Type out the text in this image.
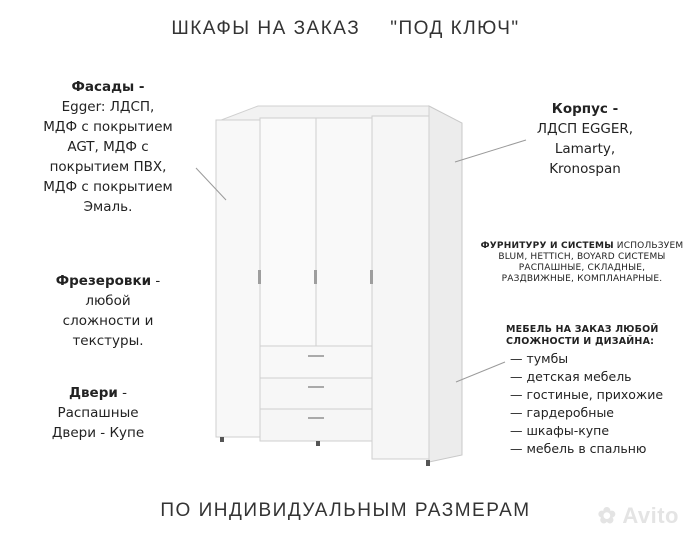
ШКАФЫ НА ЗАКАЗ "ПОД КЛЮЧ"
Фасады -
Egger: ЛДСП,
МДФ с покрытием
AGT, МДФ с
покрытием ПВХ,
МДФ с покрытием
Эмаль.
Фрезеровки -
любой
сложности и
текстуры.
Двери -
Распашные
Двери - Купе
Корпус -
ЛДСП EGGER,
Lamarty,
Kronospan
ФУРНИТУРУ И СИСТЕМЫ ИСПОЛЬЗУЕМ
BLUM, HETTICH, BOYARD СИСТЕМЫ
РАСПАШНЫЕ, СКЛАДНЫЕ,
РАЗДВИЖНЫЕ, КОМПЛАНАРНЫЕ.
МЕБЕЛЬ НА ЗАКАЗ ЛЮБОЙ
СЛОЖНОСТИ И ДИЗАЙНА:
— тумбы
— детская мебель
— гостиные, прихожие
— гардеробные
— шкафы-купе
— мебель в спальню
ПО ИНДИВИДУАЛЬНЫМ РАЗМЕРАМ	✿ Avito
